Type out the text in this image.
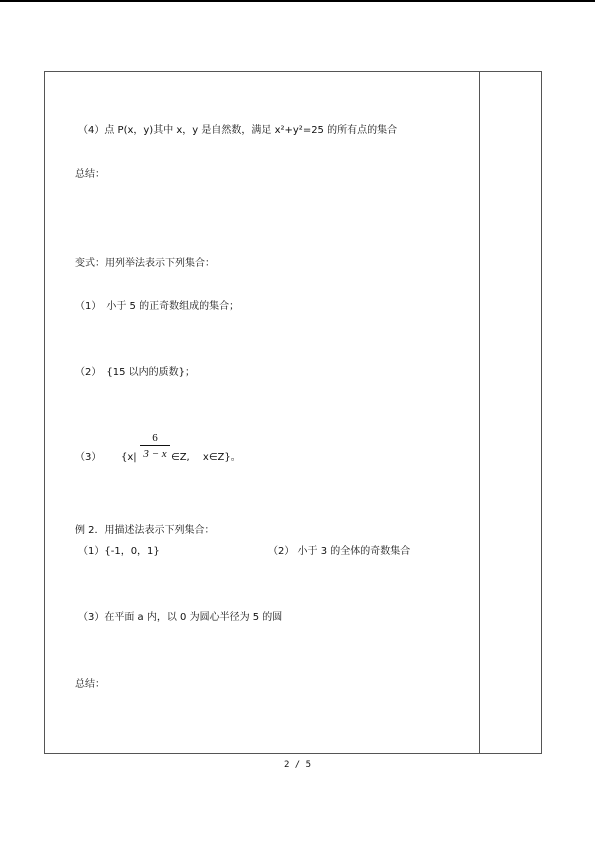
（4）点 P(x，y)其中 x，y 是自然数，满足 x²+y²=25 的所有点的集合
总结：
变式：用列举法表示下列集合：
（1）　小于 5 的正奇数组成的集合；
（2）　{15 以内的质数}；
（3） {x|
6
3 − x ∈Z,　 x∈Z}。
例 2．用描述法表示下列集合：
（1）{-1，0，1}	（2） 小于 3 的全体的奇数集合
（3）在平面 a 内，以 0 为圆心半径为 5 的圆
总结：
2 / 5
